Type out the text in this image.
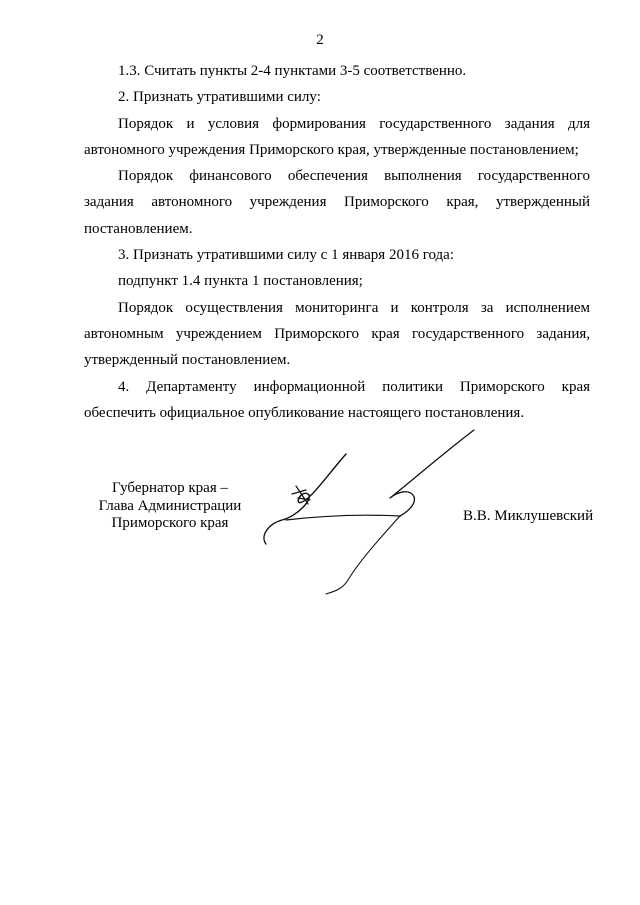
2

1.3. Считать пункты 2-4 пунктами 3-5 соответственно.

2. Признать утратившими силу:

Порядок и условия формирования государственного задания для автономного учреждения Приморского края, утвержденные постановлением;

Порядок финансового обеспечения выполнения государственного задания автономного учреждения Приморского края, утвержденный постановлением.

3. Признать утратившими силу с 1 января 2016 года:

подпункт 1.4 пункта 1 постановления;

Порядок осуществления мониторинга и контроля за исполнением автономным учреждением Приморского края государственного задания, утвержденный постановлением.

4. Департаменту информационной политики Приморского края обеспечить официальное опубликование настоящего постановления.

Губернатор края –
Глава Администрации
Приморского края	В.В. Миклушевский
